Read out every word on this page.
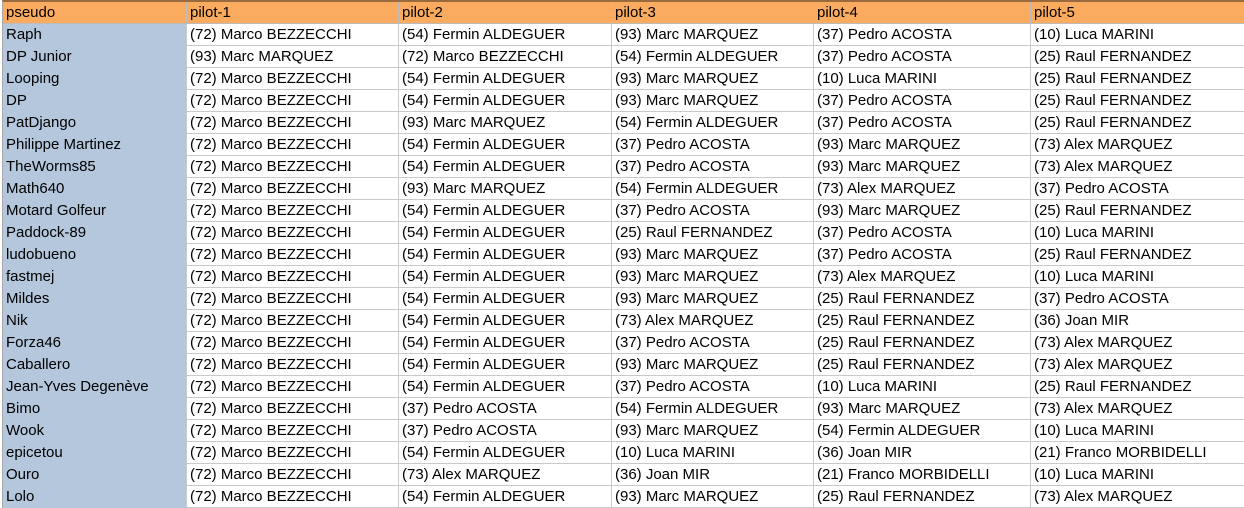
pseudo	pilot-1	pilot-2	pilot-3	pilot-4	pilot-5
Raph	(72) Marco BEZZECCHI	(54) Fermin ALDEGUER	(93) Marc MARQUEZ	(37) Pedro ACOSTA	(10) Luca MARINI
DP Junior	(93) Marc MARQUEZ	(72) Marco BEZZECCHI	(54) Fermin ALDEGUER	(37) Pedro ACOSTA	(25) Raul FERNANDEZ
Looping	(72) Marco BEZZECCHI	(54) Fermin ALDEGUER	(93) Marc MARQUEZ	(10) Luca MARINI	(25) Raul FERNANDEZ
DP	(72) Marco BEZZECCHI	(54) Fermin ALDEGUER	(93) Marc MARQUEZ	(37) Pedro ACOSTA	(25) Raul FERNANDEZ
PatDjango	(72) Marco BEZZECCHI	(93) Marc MARQUEZ	(54) Fermin ALDEGUER	(37) Pedro ACOSTA	(25) Raul FERNANDEZ
Philippe Martinez	(72) Marco BEZZECCHI	(54) Fermin ALDEGUER	(37) Pedro ACOSTA	(93) Marc MARQUEZ	(73) Alex MARQUEZ
TheWorms85	(72) Marco BEZZECCHI	(54) Fermin ALDEGUER	(37) Pedro ACOSTA	(93) Marc MARQUEZ	(73) Alex MARQUEZ
Math640	(72) Marco BEZZECCHI	(93) Marc MARQUEZ	(54) Fermin ALDEGUER	(73) Alex MARQUEZ	(37) Pedro ACOSTA
Motard Golfeur	(72) Marco BEZZECCHI	(54) Fermin ALDEGUER	(37) Pedro ACOSTA	(93) Marc MARQUEZ	(25) Raul FERNANDEZ
Paddock-89	(72) Marco BEZZECCHI	(54) Fermin ALDEGUER	(25) Raul FERNANDEZ	(37) Pedro ACOSTA	(10) Luca MARINI
ludobueno	(72) Marco BEZZECCHI	(54) Fermin ALDEGUER	(93) Marc MARQUEZ	(37) Pedro ACOSTA	(25) Raul FERNANDEZ
fastmej	(72) Marco BEZZECCHI	(54) Fermin ALDEGUER	(93) Marc MARQUEZ	(73) Alex MARQUEZ	(10) Luca MARINI
Mildes	(72) Marco BEZZECCHI	(54) Fermin ALDEGUER	(93) Marc MARQUEZ	(25) Raul FERNANDEZ	(37) Pedro ACOSTA
Nik	(72) Marco BEZZECCHI	(54) Fermin ALDEGUER	(73) Alex MARQUEZ	(25) Raul FERNANDEZ	(36) Joan MIR
Forza46	(72) Marco BEZZECCHI	(54) Fermin ALDEGUER	(37) Pedro ACOSTA	(25) Raul FERNANDEZ	(73) Alex MARQUEZ
Caballero	(72) Marco BEZZECCHI	(54) Fermin ALDEGUER	(93) Marc MARQUEZ	(25) Raul FERNANDEZ	(73) Alex MARQUEZ
Jean-Yves Degenève	(72) Marco BEZZECCHI	(54) Fermin ALDEGUER	(37) Pedro ACOSTA	(10) Luca MARINI	(25) Raul FERNANDEZ
Bimo	(72) Marco BEZZECCHI	(37) Pedro ACOSTA	(54) Fermin ALDEGUER	(93) Marc MARQUEZ	(73) Alex MARQUEZ
Wook	(72) Marco BEZZECCHI	(37) Pedro ACOSTA	(93) Marc MARQUEZ	(54) Fermin ALDEGUER	(10) Luca MARINI
epicetou	(72) Marco BEZZECCHI	(54) Fermin ALDEGUER	(10) Luca MARINI	(36) Joan MIR	(21) Franco MORBIDELLI
Ouro	(72) Marco BEZZECCHI	(73) Alex MARQUEZ	(36) Joan MIR	(21) Franco MORBIDELLI	(10) Luca MARINI
Lolo	(72) Marco BEZZECCHI	(54) Fermin ALDEGUER	(93) Marc MARQUEZ	(25) Raul FERNANDEZ	(73) Alex MARQUEZ
